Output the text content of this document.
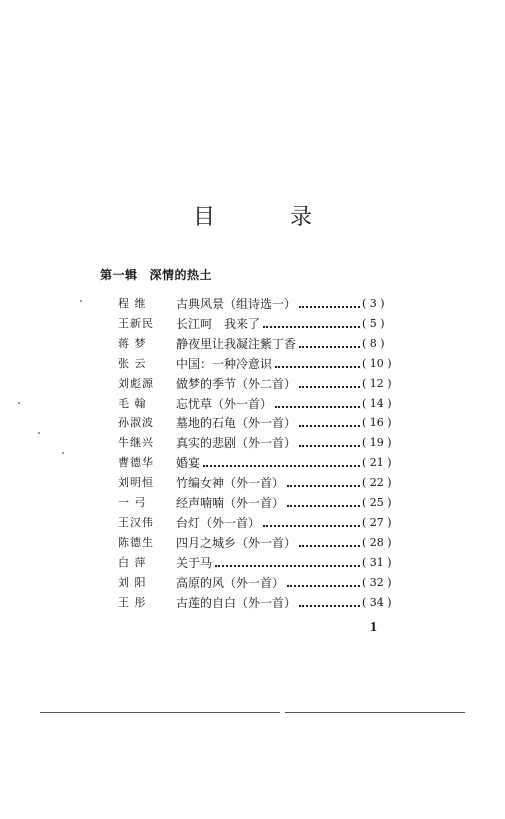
目 录
第一辑 深情的热土
程 维	古典风景（组诗选一）	( 3 )
王新民	长江呵　我来了	( 5 )
蒋 梦	静夜里让我凝注紫丁香	( 8 )
张 云	中国：一种冷意识	( 10 )
刘彪源	做梦的季节（外二首）	( 12 )
毛 翰	忘忧草（外一首）	( 14 )
孙淑波	墓地的石龟（外一首）	( 16 )
牛继兴	真实的悲剧（外一首）	( 19 )
曹德华	婚宴	( 21 )
刘明恒	竹编女神（外一首）	( 22 )
一 弓	经声喃喃（外一首）	( 25 )
王汉伟	台灯（外一首）	( 27 )
陈德生	四月之城乡（外一首）	( 28 )
白 萍	关于马	( 31 )
刘 阳	高原的风（外一首）	( 32 )
王 彤	古莲的自白（外一首）	( 34 )
1
